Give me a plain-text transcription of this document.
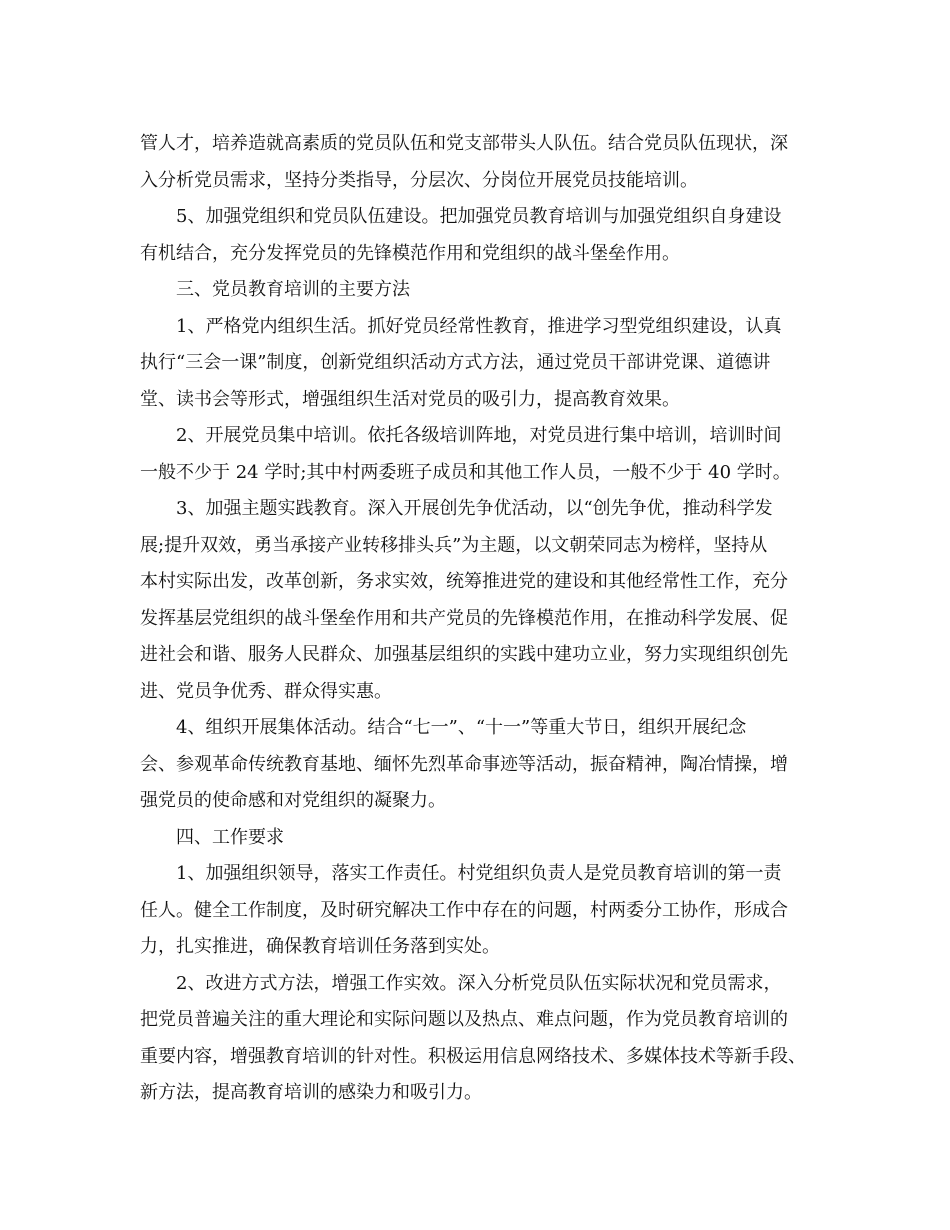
管人才，培养造就高素质的党员队伍和党支部带头人队伍。结合党员队伍现状，深
入分析党员需求，坚持分类指导，分层次、分岗位开展党员技能培训。
5、加强党组织和党员队伍建设。把加强党员教育培训与加强党组织自身建设
有机结合，充分发挥党员的先锋模范作用和党组织的战斗堡垒作用。
三、党员教育培训的主要方法
1、严格党内组织生活。抓好党员经常性教育，推进学习型党组织建设，认真
执行“三会一课”制度，创新党组织活动方式方法，通过党员干部讲党课、道德讲
堂、读书会等形式，增强组织生活对党员的吸引力，提高教育效果。
2、开展党员集中培训。依托各级培训阵地，对党员进行集中培训，培训时间
一般不少于 24 学时;其中村两委班子成员和其他工作人员，一般不少于 40 学时。
3、加强主题实践教育。深入开展创先争优活动，以“创先争优，推动科学发
展;提升双效，勇当承接产业转移排头兵”为主题，以文朝荣同志为榜样，坚持从
本村实际出发，改革创新，务求实效，统筹推进党的建设和其他经常性工作，充分
发挥基层党组织的战斗堡垒作用和共产党员的先锋模范作用，在推动科学发展、促
进社会和谐、服务人民群众、加强基层组织的实践中建功立业，努力实现组织创先
进、党员争优秀、群众得实惠。
4、组织开展集体活动。结合“七一”、“十一”等重大节日，组织开展纪念
会、参观革命传统教育基地、缅怀先烈革命事迹等活动，振奋精神，陶冶情操，增
强党员的使命感和对党组织的凝聚力。
四、工作要求
1、加强组织领导，落实工作责任。村党组织负责人是党员教育培训的第一责
任人。健全工作制度，及时研究解决工作中存在的问题，村两委分工协作，形成合
力，扎实推进，确保教育培训任务落到实处。
2、改进方式方法，增强工作实效。深入分析党员队伍实际状况和党员需求，
把党员普遍关注的重大理论和实际问题以及热点、难点问题，作为党员教育培训的
重要内容，增强教育培训的针对性。积极运用信息网络技术、多媒体技术等新手段、
新方法，提高教育培训的感染力和吸引力。
